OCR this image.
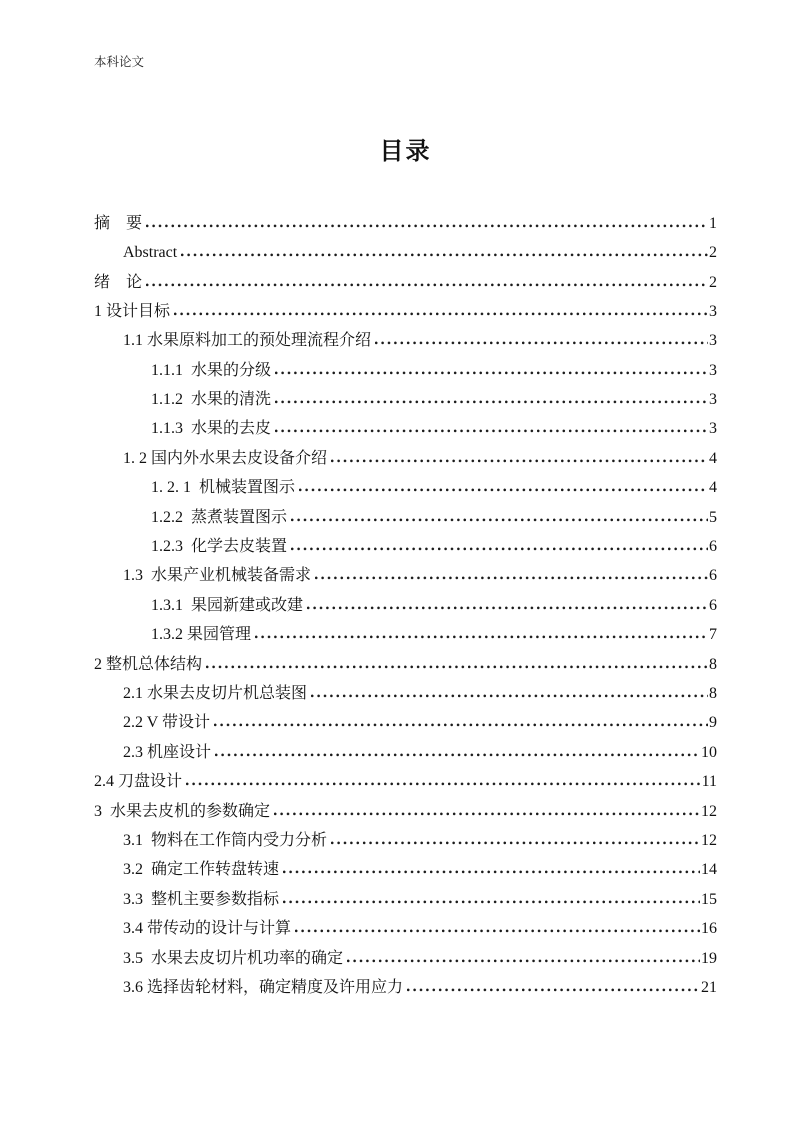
本科论文
目录
摘　要	1
Abstract	2
绪　论	2
1 设计目标	3
1.1 水果原料加工的预处理流程介绍	3
1.1.1  水果的分级	3
1.1.2  水果的清洗	3
1.1.3  水果的去皮	3
1. 2 国内外水果去皮设备介绍	4
1. 2. 1  机械装置图示	4
1.2.2  蒸煮装置图示	5
1.2.3  化学去皮装置	6
1.3  水果产业机械装备需求	6
1.3.1  果园新建或改建	6
1.3.2 果园管理	7
2 整机总体结构	8
2.1 水果去皮切片机总装图	8
2.2 V 带设计	9
2.3 机座设计	10
2.4 刀盘设计	11
3  水果去皮机的参数确定	12
3.1  物料在工作筒内受力分析	12
3.2  确定工作转盘转速	14
3.3  整机主要参数指标	15
3.4 带传动的设计与计算	16
3.5  水果去皮切片机功率的确定	19
3.6 选择齿轮材料，确定精度及许用应力	21
